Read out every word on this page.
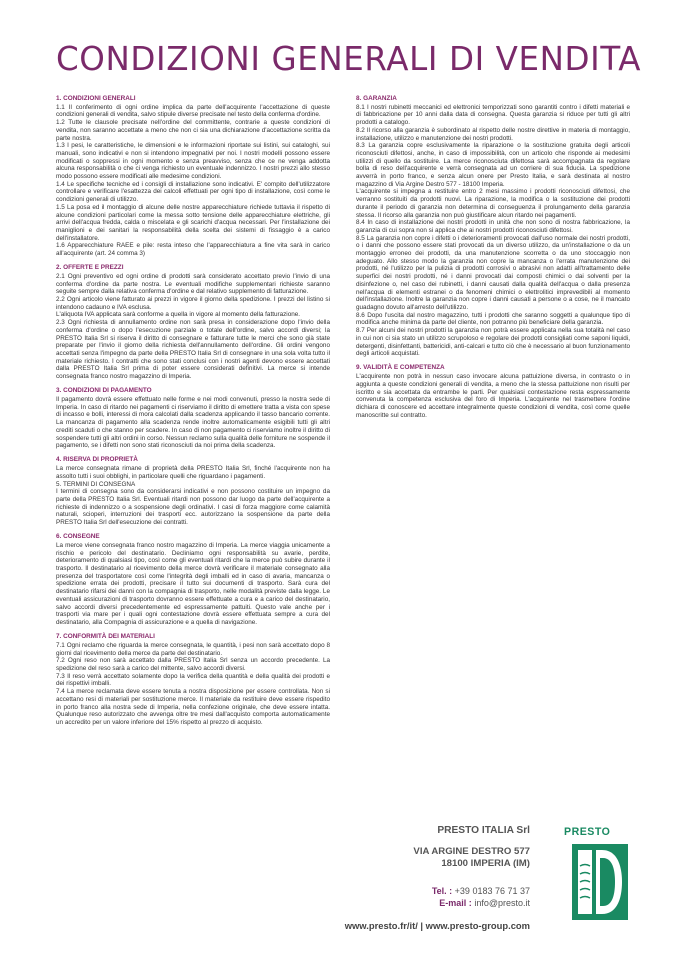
CONDIZIONI GENERALI DI VENDITA
1. CONDIZIONI GENERALI

1.1 Il conferimento di ogni ordine implica da parte dell'acquirente l'accettazione di queste condizioni generali di vendita, salvo stipule diverse precisate nel testo della conferma d'ordine.

1.2 Tutte le clausole precisate nell'ordine del committente, contrarie a queste condizioni di vendita, non saranno accettate a meno che non ci sia una dichiarazione d'accettazione scritta da parte nostra.

1.3 I pesi, le caratteristiche, le dimensioni e le informazioni riportate sui listini, sui cataloghi, sui manuali, sono indicativi e non si intendono impegnativi per noi. I nostri modelli possono essere modificati o soppressi in ogni momento e senza preavviso, senza che ce ne venga addotta alcuna responsabilità o che ci venga richiesto un eventuale indennizzo. I nostri prezzi allo stesso modo possono essere modificati alle medesime condizioni.

1.4 Le specifiche tecniche ed i consigli di installazione sono indicativi. E' compito dell'utilizzatore controllare e verificare l'esattezza dei calcoli effettuati per ogni tipo di installazione, così come le condizioni generali di utilizzo.

1.5 La posa ed il montaggio di alcune delle nostre apparecchiature richiede tuttavia il rispetto di alcune condizioni particolari come la messa sotto tensione delle apparecchiature elettriche, gli arrivi dell'acqua fredda, calda o miscelata e gli scarichi d'acqua necessari. Per l'installazione dei maniglioni e dei sanitari la responsabilità della scelta dei sistemi di fissaggio è a carico dell'installatore.

1.6 Apparecchiature RAEE e pile: resta inteso che l'apparecchiatura a fine vita sarà in carico all'acquirente (art. 24 comma 3)

2. OFFERTE E PREZZI

2.1 Ogni preventivo ed ogni ordine di prodotti sarà considerato accettato previo l'invio di una conferma d'ordine da parte nostra. Le eventuali modifiche supplementari richieste saranno seguite sempre dalla relativa conferma d'ordine e dal relativo supplemento di fatturazione.

2.2 Ogni articolo viene fatturato ai prezzi in vigore il giorno della spedizione. I prezzi del listino si intendono cadauno e IVA esclusa.

L'aliquota IVA applicata sarà conforme a quella in vigore al momento della fatturazione.

2.3 Ogni richiesta di annullamento ordine non sarà presa in considerazione dopo l'invio della conferma d'ordine o dopo l'esecuzione parziale o totale dell'ordine, salvo accordi diversi; la PRESTO Italia Srl si riserva il diritto di consegnare e fatturare tutte le merci che sono già state preparate per l'invio il giorno della richiesta dell'annullamento dell'ordine. Gli ordini vengono accettati senza l'impegno da parte della PRESTO Italia Srl di consegnare in una sola volta tutto il materiale richiesto. I contratti che sono stati conclusi con i nostri agenti devono essere accettati dalla PRESTO Italia Srl prima di poter essere considerati definitivi. La merce si intende consegnata franco nostro magazzino di Imperia.

3. CONDIZIONI DI PAGAMENTO

Il pagamento dovrà essere effettuato nelle forme e nei modi convenuti, presso la nostra sede di Imperia. In caso di ritardo nei pagamenti ci riserviamo il diritto di emettere tratta a vista con spese di incasso e bolli, interessi di mora calcolati dalla scadenza applicando il tasso bancario corrente. La mancanza di pagamento alla scadenza rende inoltre automaticamente esigibili tutti gli altri crediti scaduti o che stanno per scadere. In caso di non pagamento ci riserviamo inoltre il diritto di sospendere tutti gli altri ordini in corso. Nessun reclamo sulla qualità delle forniture ne sospende il pagamento, se i difetti non sono stati riconosciuti da noi prima della scadenza.

4. RISERVA DI PROPRIETÀ

La merce consegnata rimane di proprietà della PRESTO Italia Srl, finché l'acquirente non ha assolto tutti i suoi obblighi, in particolare quelli che riguardano i pagamenti.

5. TERMINI DI CONSEGNA

I termini di consegna sono da considerarsi indicativi e non possono costituire un impegno da parte della PRESTO Italia Srl. Eventuali ritardi non possono dar luogo da parte dell'acquirente a richieste di indennizzo o a sospensione degli ordinativi. I casi di forza maggiore come calamità naturali, scioperi, interruzioni dei trasporti ecc. autorizzano la sospensione da parte della PRESTO Italia Srl dell'esecuzione dei contratti.

6. CONSEGNE

La merce viene consegnata franco nostro magazzino di Imperia. La merce viaggia unicamente a rischio e pericolo del destinatario. Decliniamo ogni responsabilità su avarie, perdite, deterioramento di qualsiasi tipo, così come gli eventuali ritardi che la merce può subire durante il trasporto. Il destinatario al ricevimento della merce dovrà verificare il materiale consegnato alla presenza del trasportatore così come l'integrità degli imballi ed in caso di avaria, mancanza o spedizione errata dei prodotti, precisare il tutto sui documenti di trasporto. Sarà cura del destinatario rifarsi dei danni con la compagnia di trasporto, nelle modalità previste dalla legge. Le eventuali assicurazioni di trasporto dovranno essere effettuate a cura e a carico del destinatario, salvo accordi diversi precedentemente ed espressamente pattuiti. Questo vale anche per i trasporti via mare per i quali ogni contestazione dovrà essere effettuata sempre a cura del destinatario, alla Compagnia di assicurazione e a quella di navigazione.

7. CONFORMITÀ DEI MATERIALI

7.1 Ogni reclamo che riguarda la merce consegnata, le quantità, i pesi non sarà accettato dopo 8 giorni dal ricevimento della merce da parte del destinatario.

7.2 Ogni reso non sarà accettato dalla PRESTO Italia Srl senza un accordo precedente. La spedizione del reso sarà a carico del mittente, salvo accordi diversi.

7.3 Il reso verrà accettato solamente dopo la verifica della quantità e della qualità dei prodotti e dei rispettivi imballi.

7.4 La merce reclamata deve essere tenuta a nostra disposizione per essere controllata. Non si accettano resi di materiali per sostituzione merce. Il materiale da restituire deve essere rispedito in porto franco alla nostra sede di Imperia, nella confezione originale, che deve essere intatta. Qualunque reso autorizzato che avvenga oltre tre mesi dall'acquisto comporta automaticamente un accredito per un valore inferiore del 15% rispetto al prezzo di acquisto.

8. GARANZIA

8.1 I nostri rubinetti meccanici ed elettronici temporizzati sono garantiti contro i difetti materiali e di fabbricazione per 10 anni dalla data di consegna. Questa garanzia si riduce per tutti gli altri prodotti a catalogo.

8.2 Il ricorso alla garanzia è subordinato al rispetto delle nostre direttive in materia di montaggio, installazione, utilizzo e manutenzione dei nostri prodotti.

8.3 La garanzia copre esclusivamente la riparazione o la sostituzione gratuita degli articoli riconosciuti difettosi, anche, in caso di impossibilità, con un articolo che risponde ai medesimi utilizzi di quello da sostituire. La merce riconosciuta difettosa sarà accompagnata da regolare bolla di reso dell'acquirente e verrà consegnata ad un corriere di sua fiducia. La spedizione avverrà in porto franco, e senza alcun onere per Presto Italia, e sarà destinata al nostro magazzino di Via Argine Destro 577 - 18100 Imperia.

L'acquirente si impegna a restituire entro 2 mesi massimo i prodotti riconosciuti difettosi, che verranno sostituiti da prodotti nuovi. La riparazione, la modifica o la sostituzione dei prodotti durante il periodo di garanzia non determina di conseguenza il prolungamento della garanzia stessa. Il ricorso alla garanzia non può giustificare alcun ritardo nei pagamenti.

8.4 In caso di installazione dei nostri prodotti in unità che non sono di nostra fabbricazione, la garanzia di cui sopra non si applica che ai nostri prodotti riconosciuti difettosi.

8.5 La garanzia non copre i difetti o i deterioramenti provocati dall'uso normale dei nostri prodotti, o i danni che possono essere stati provocati da un diverso utilizzo, da un'installazione o da un montaggio erroneo dei prodotti, da una manutenzione scorretta o da uno stoccaggio non adeguato. Allo stesso modo la garanzia non copre la mancanza o l'errata manutenzione dei prodotti, né l'utilizzo per la pulizia di prodotti corrosivi o abrasivi non adatti all'trattamento delle superfici dei nostri prodotti, né i danni provocati dai composti chimici o dai solventi per la disinfezione o, nel caso dei rubinetti, i danni causati dalla qualità dell'acqua o dalla presenza nell'acqua di elementi estranei o da fenomeni chimici o elettrolitici imprevedibili al momento dell'installazione. Inoltre la garanzia non copre i danni causati a persone o a cose, ne il mancato guadagno dovuto all'arresto dell'utilizzo.

8.6 Dopo l'uscita dal nostro magazzino, tutti i prodotti che saranno soggetti a qualunque tipo di modifica anche minima da parte del cliente, non potranno più beneficiare della garanzia.

8.7 Per alcuni dei nostri prodotti la garanzia non potrà essere applicata nella sua totalità nel caso in cui non ci sia stato un utilizzo scrupoloso e regolare dei prodotti consigliati come saponi liquidi, detergenti, disinfettanti, battericidi, anti-calcari e tutto ciò che è necessario al buon funzionamento degli articoli acquistati.

9. VALIDITÀ E COMPETENZA

L'acquirente non potrà in nessun caso invocare alcuna pattuizione diversa, in contrasto o in aggiunta a queste condizioni generali di vendita, a meno che la stessa pattuizione non risulti per iscritto e sia accettata da entrambe le parti. Per qualsiasi contestazione resta espressamente convenuta la competenza esclusiva del foro di Imperia. L'acquirente nel trasmettere l'ordine dichiara di conoscere ed accettare integralmente queste condizioni di vendita, così come quelle manoscritte sul contratto.

PRESTO ITALIA Srl
VIA ARGINE DESTRO 577
18100 IMPERIA (IM)
Tel. : +39 0183 76 71 37
E-mail : info@presto.it
www.presto.fr/it/ | www.presto-group.com
PRESTO
